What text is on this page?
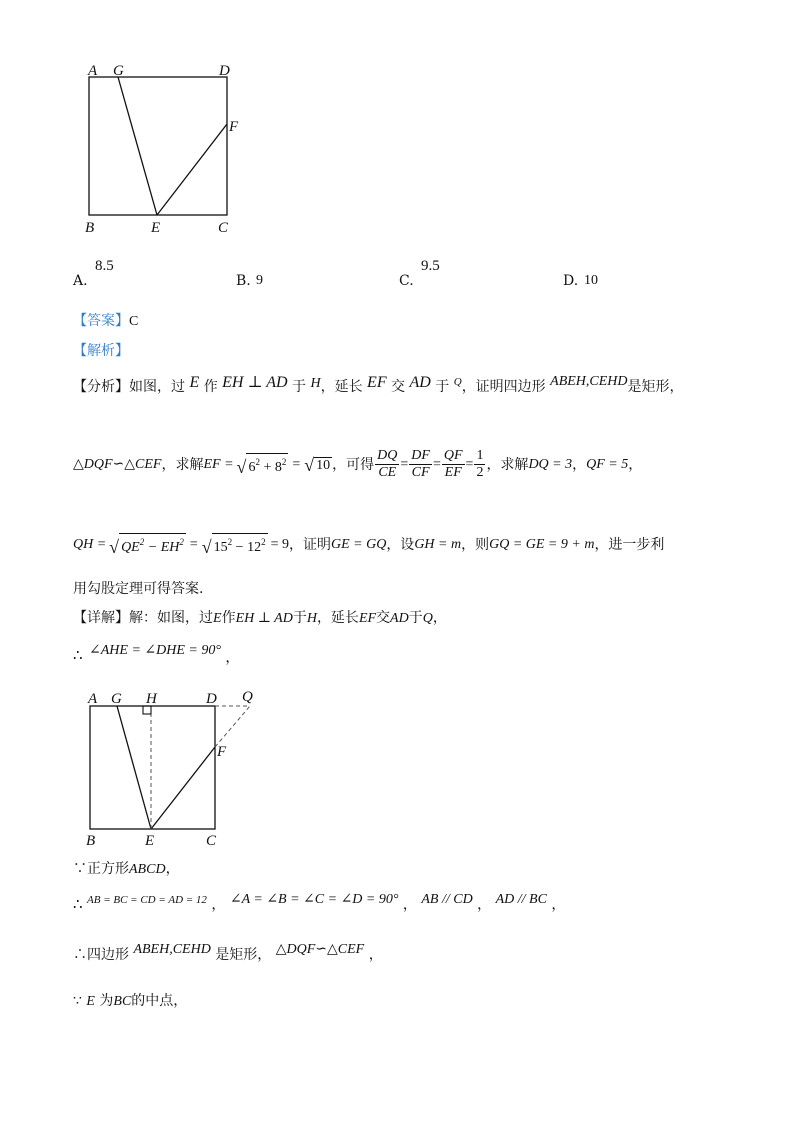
A G	D
F
B	E	C
A.
8.5
B. 9	C.
9.5
D. 10
【答案】C
【解析】
【分析】如图，过 E 作 EH ⊥ AD 于 H，延长 EF 交 AD 于 $^Q$，证明四边形 ABEH,CEHD是矩形，
△DQF∽△CEF ，求解 EF = √ $6^2 + 8^2$ = √ 10 ，可得 $\frac{DQ}{CE} = \frac{DF}{CF} = \frac{QF}{EF} = \frac{1}{2}$ ，求解 DQ = 3 ， QF = 5 ，
QH = √ $QE^2 - EH^2$ = √ $15^2 - 12^2 = 9$ ，证明 GE = GQ ，设 GH = m ，则 GQ = GE = 9 + m ，进一步利
用勾股定理可得答案.
【详解】解：如图，过E作EH ⊥ AD于H，延长EF交AD于Q，
∴ ∠AHE = ∠DHE = 90° ，
A G H	D Q
F
B	E	C
∵正方形ABCD，
∴ AB = BC = CD = AD = 12 ， ∠A = ∠B = ∠C = ∠D = 90° ， AB // CD ， AD // BC ，
∴四边形 ABEH,CEHD 是矩形， △DQF∽△CEF ，
∵ E 为BC的中点，
